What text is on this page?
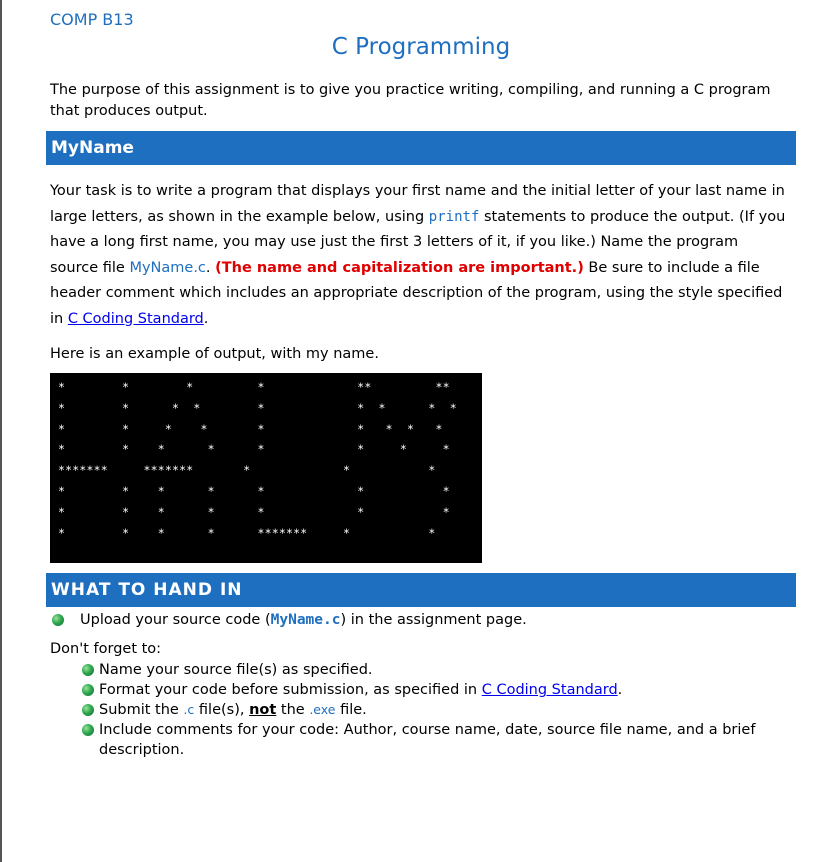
COMP B13
C Programming
The purpose of this assignment is to give you practice writing, compiling, and running a C program that produces output.
MyName
Your task is to write a program that displays your first name and the initial letter of your last name in large letters, as shown in the example below, using printf statements to produce the output. (If you have a long first name, you may use just the first 3 letters of it, if you like.) Name the program source file MyName.c. (The name and capitalization are important.) Be sure to include a file header comment which includes an appropriate description of the program, using the style specified in C Coding Standard.
Here is an example of output, with my name.
*        *        *         *             **         **
*        *      *  *        *             *  *      *  *
*        *     *    *       *             *   *  *   *
*        *    *      *      *             *     *     *
*******     *******       *             *           *
*        *    *      *      *             *           *
*        *    *      *      *             *           *
*        *    *      *      *******     *           *
WHAT TO HAND IN
Upload your source code (MyName.c) in the assignment page.
Don't forget to:
Name your source file(s) as specified.
Format your code before submission, as specified in C Coding Standard.
Submit the .c file(s), not the .exe file.
Include comments for your code: Author, course name, date, source file name, and a brief description.
